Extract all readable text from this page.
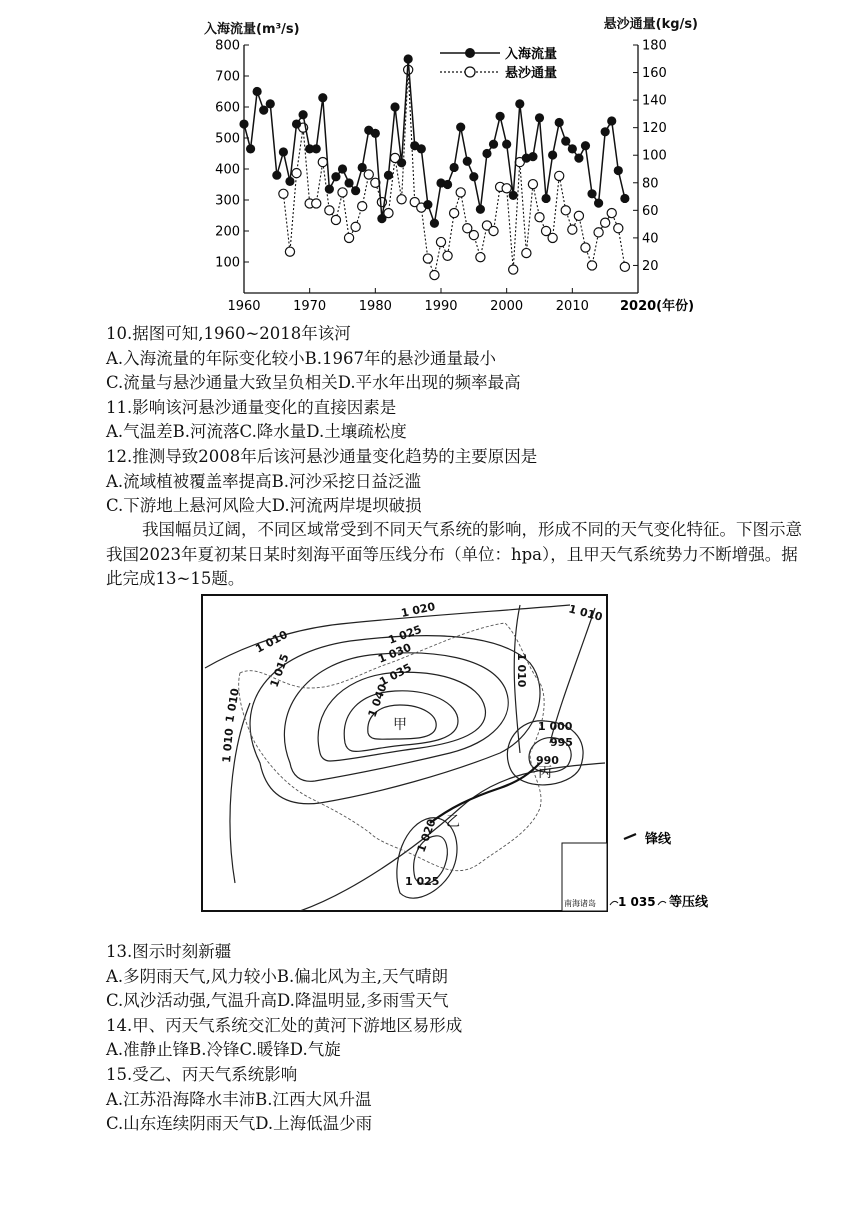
入海流量(m³/s)	悬沙通量(kg/s)
1960	1970	1980	1990	2000	2010 2020(年份)
100
200
300
400
500
600
700
800
20
40
60
80
100
120
140
160
180
入海流量
悬沙通量
10.据图可知,1960~2018年该河
A.入海流量的年际变化较小B.1967年的悬沙通量最小
C.流量与悬沙通量大致呈负相关D.平水年出现的频率最高
11.影响该河悬沙通量变化的直接因素是
A.气温差B.河流落C.降水量D.土壤疏松度
12.推测导致2008年后该河悬沙通量变化趋势的主要原因是
A.流域植被覆盖率提高B.河沙采挖日益泛滥
C.下游地上悬河风险大D.河流两岸堤坝破损
我国幅员辽阔，不同区域常受到不同天气系统的影响，形成不同的天气变化特征。下图示意我国2023年夏初某日某时刻海平面等压线分布（单位：hpa），且甲天气系统势力不断增强。据此完成13~15题。
南海诸岛
1 010
1 020
1 025
1 030
1 035
1 040
1 015
1 010
1 010
1 010
1 000
995
990
1 020
1 025
1 010
甲
乙
丙
锋线
1 035 等压线
13.图示时刻新疆
A.多阴雨天气,风力较小B.偏北风为主,天气晴朗
C.风沙活动强,气温升高D.降温明显,多雨雪天气
14.甲、丙天气系统交汇处的黄河下游地区易形成
A.准静止锋B.冷锋C.暖锋D.气旋
15.受乙、丙天气系统影响
A.江苏沿海降水丰沛B.江西大风升温
C.山东连续阴雨天气D.上海低温少雨
